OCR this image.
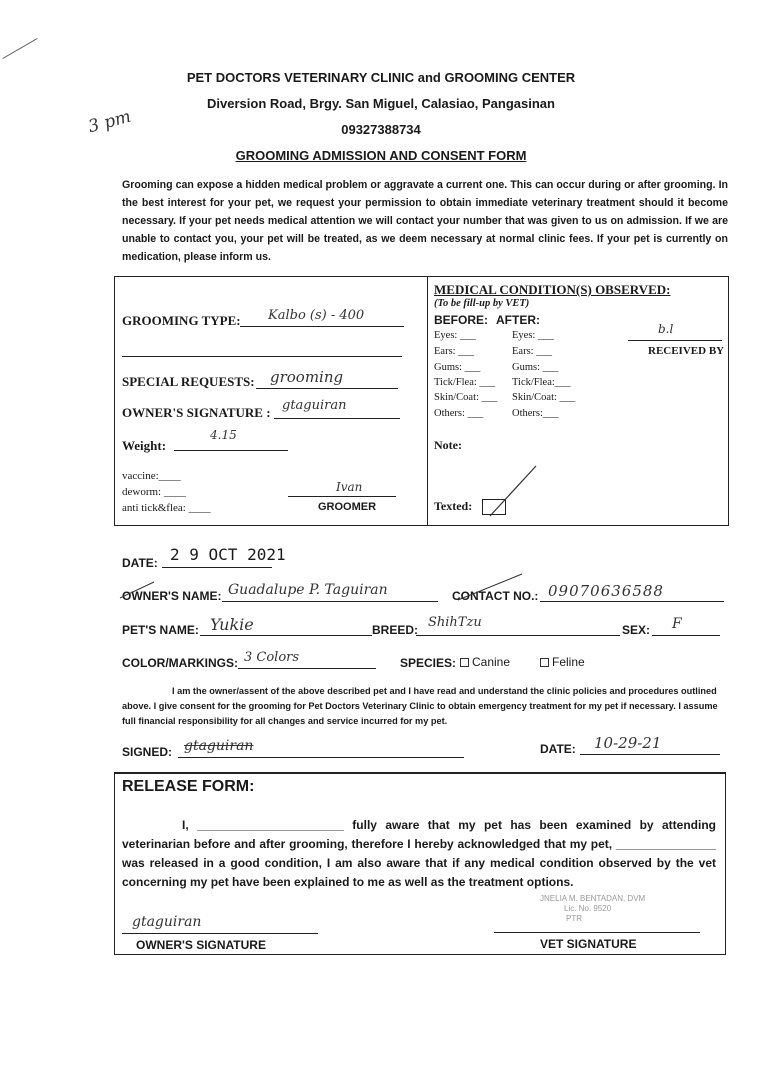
3 pm
PET DOCTORS VETERINARY CLINIC and GROOMING CENTER
Diversion Road, Brgy. San Miguel, Calasiao, Pangasinan
09327388734
GROOMING ADMISSION AND CONSENT FORM
Grooming can expose a hidden medical problem or aggravate a current one. This can occur during or after grooming. In the best interest for your pet, we request your permission to obtain immediate veterinary treatment should it become necessary. If your pet needs medical attention we will contact your number that was given to us on admission. If we are unable to contact you, your pet will be treated, as we deem necessary at normal clinic fees. If your pet is currently on medication, please inform us.
GROOMING TYPE: Kalbo (s) - 400
SPECIAL REQUESTS: grooming
OWNER'S SIGNATURE : gtaguiran
Weight:
4.15
vaccine:____
deworm: ____
anti tick&flea: ____
Ivan
GROOMER
MEDICAL CONDITION(S) OBSERVED:
(To be fill-up by VET)
BEFORE: AFTER:
Eyes: ___
Ears: ___
Gums: ___
Tick/Flea: ___
Skin/Coat: ___
Others: ___
Eyes: ___
Ears: ___
Gums: ___
Tick/Flea:___
Skin/Coat: ___
Others:___
b.l
RECEIVED BY
Note:
Texted:
DATE: 2 9 OCT 2021
OWNER'S NAME: Guadalupe P. Taguiran	CONTACT NO.: 09070636588
PET'S NAME: Yukie	BREED: ShihTzu	SEX: F
COLOR/MARKINGS: 3 Colors	SPECIES:	Canine	Feline
I am the owner/assent of the above described pet and I have read and understand the clinic policies and procedures outlined above. I give consent for the grooming for Pet Doctors Veterinary Clinic to obtain emergency treatment for my pet if necessary. I assume full financial responsibility for all changes and service incurred for my pet.
SIGNED: gtaguiran	DATE: 10-29-21
RELEASE FORM:
I, ______________________ fully aware that my pet has been examined by attending veterinarian before and after grooming, therefore I hereby acknowledged that my pet, _______________ was released in a good condition, I am also aware that if any medical condition observed by the vet concerning my pet have been explained to me as well as the treatment options.
gtaguiran
OWNER'S SIGNATURE
JNELIA M. BENTADAN, DVM
Lic. No. 9520
PTR
VET SIGNATURE
